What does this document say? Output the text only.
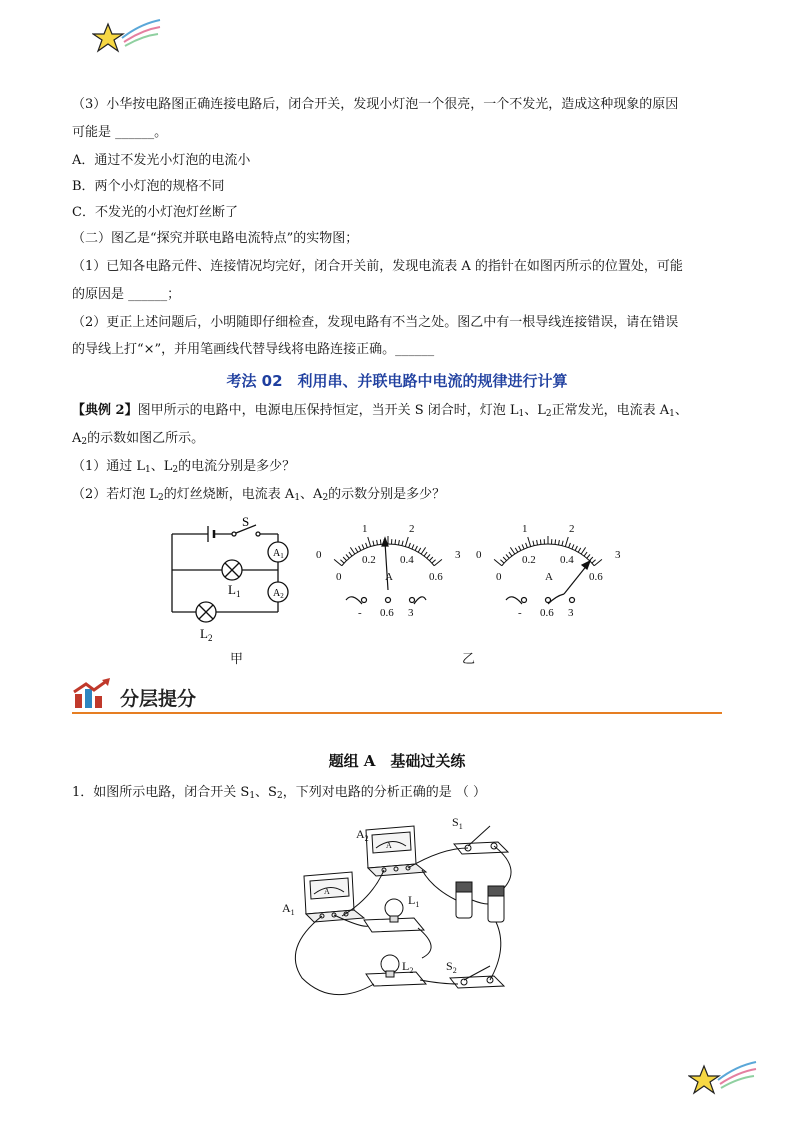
（3）小华按电路图正确连接电路后，闭合开关，发现小灯泡一个很亮，一个不发光，造成这种现象的原因
可能是 ______。
A．通过不发光小灯泡的电流小
B．两个小灯泡的规格不同
C．不发光的小灯泡灯丝断了
（二）图乙是“探究并联电路电流特点”的实物图；
（1）已知各电路元件、连接情况均完好，闭合开关前，发现电流表 A 的指针在如图丙所示的位置处，可能
的原因是 ______；
（2）更正上述问题后，小明随即仔细检查，发现电路有不当之处。图乙中有一根导线连接错误，请在错误
的导线上打“×”，并用笔画线代替导线将电路连接正确。______
考法 02　利用串、并联电路中电流的规律进行计算
【典例 2】图甲所示的电路中，电源电压保持恒定，当开关 S 闭合时，灯泡 $L_1$、$L_2$正常发光，电流表 $A_1$、
$A_2$的示数如图乙所示。
（1）通过 $L_1$、$L_2$的电流分别是多少？
（2）若灯泡 $L_2$的灯丝烧断，电流表 $A_1$、$A_2$的示数分别是多少？
S
$A_1$
$A_2$
$L_1$
$L_2$
甲
0
1	2
3
0
0.2 0.4
0.6
A
- 0.6 3
0
1	2
3
0
0.2 0.4
0.6
A
- 0.6 3
乙
分层提分
题组 A　基础过关练
1．如图所示电路，闭合开关 $S_1$、$S_2$，下列对电路的分析正确的是 （ ）
$A_2$
$A_1$
$S_1$
$L_1$
$L_2$	$S_2$
A
A
